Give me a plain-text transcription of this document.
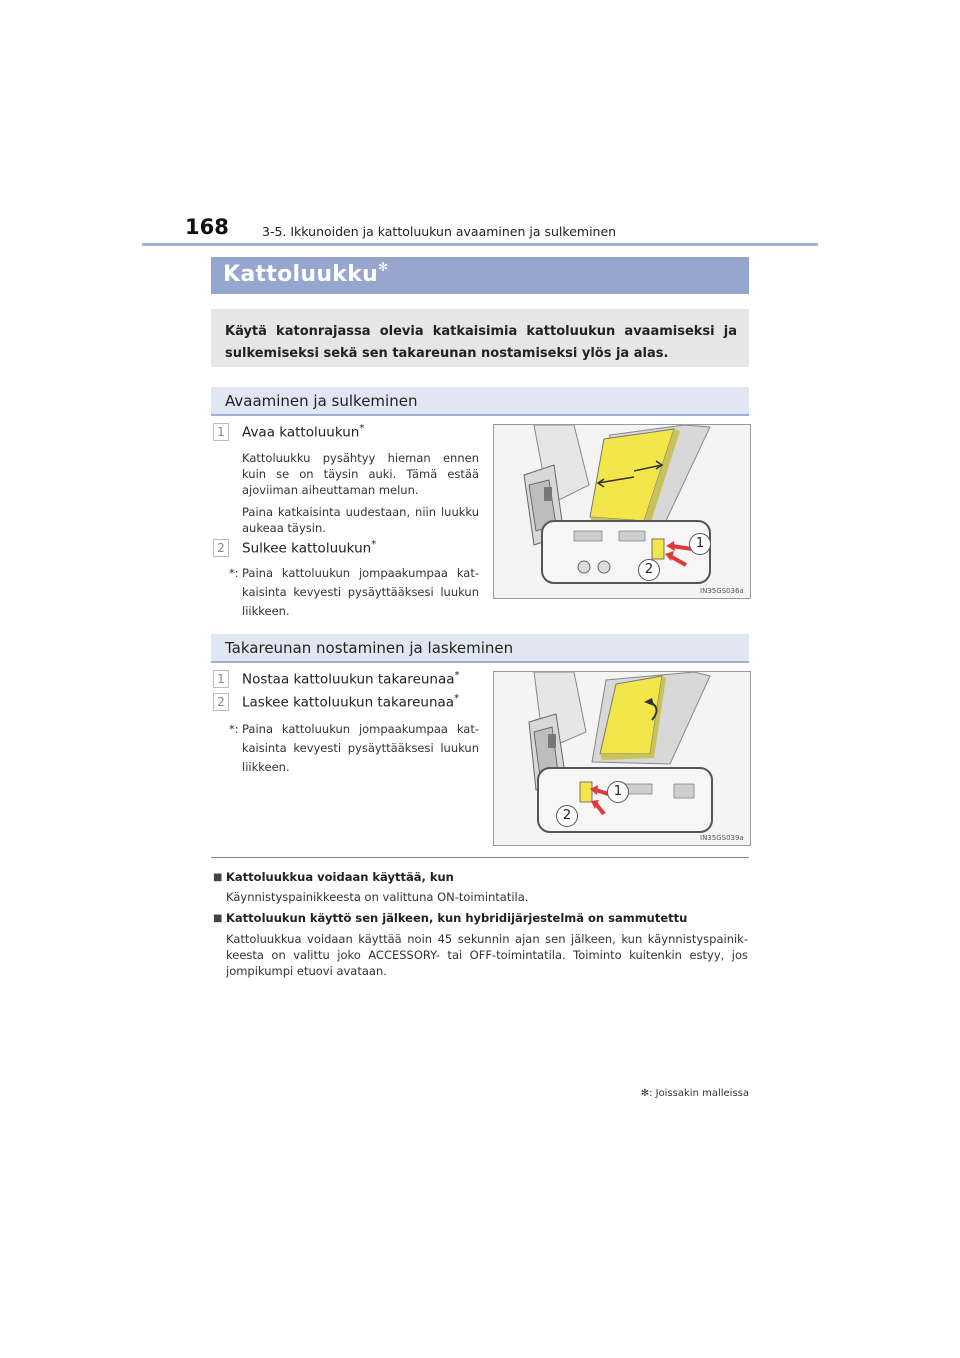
168	3-5. Ikkunoiden ja kattoluukun avaaminen ja sulkeminen
Kattoluukku✻
Käytä katonrajassa olevia katkaisimia kattoluukun avaamiseksi ja sulkemiseksi sekä sen takareunan nostamiseksi ylös ja alas.
Avaaminen ja sulkeminen
1	Avaa kattoluukun*
Kattoluukku pysähtyy hieman ennen kuin se on täysin auki. Tämä estää ajoviiman aiheuttaman melun.
Paina katkaisinta uudestaan, niin luukku aukeaa täysin.
2	Sulkee kattoluukun*
*: Paina kattoluukun jompaakumpaa katkaisinta kevyesti pysäyttääksesi luukun liikkeen.
1
2
IN35GS036a
Takareunan nostaminen ja laskeminen
1	Nostaa kattoluukun takareunaa*
2	Laskee kattoluukun takareunaa*
*: Paina kattoluukun jompaakumpaa katkaisinta kevyesti pysäyttääksesi luukun liikkeen.
1
2
IN35GS039a
■ Kattoluukkua voidaan käyttää, kun
Käynnistyspainikkeesta on valittuna ON-toimintatila.
■ Kattoluukun käyttö sen jälkeen, kun hybridijärjestelmä on sammutettu
Kattoluukkua voidaan käyttää noin 45 sekunnin ajan sen jälkeen, kun käynnistyspainikkeesta on valittu joko ACCESSORY- tai OFF-toimintatila. Toiminto kuitenkin estyy, jos jompikumpi etuovi avataan.
✻: Joissakin malleissa
